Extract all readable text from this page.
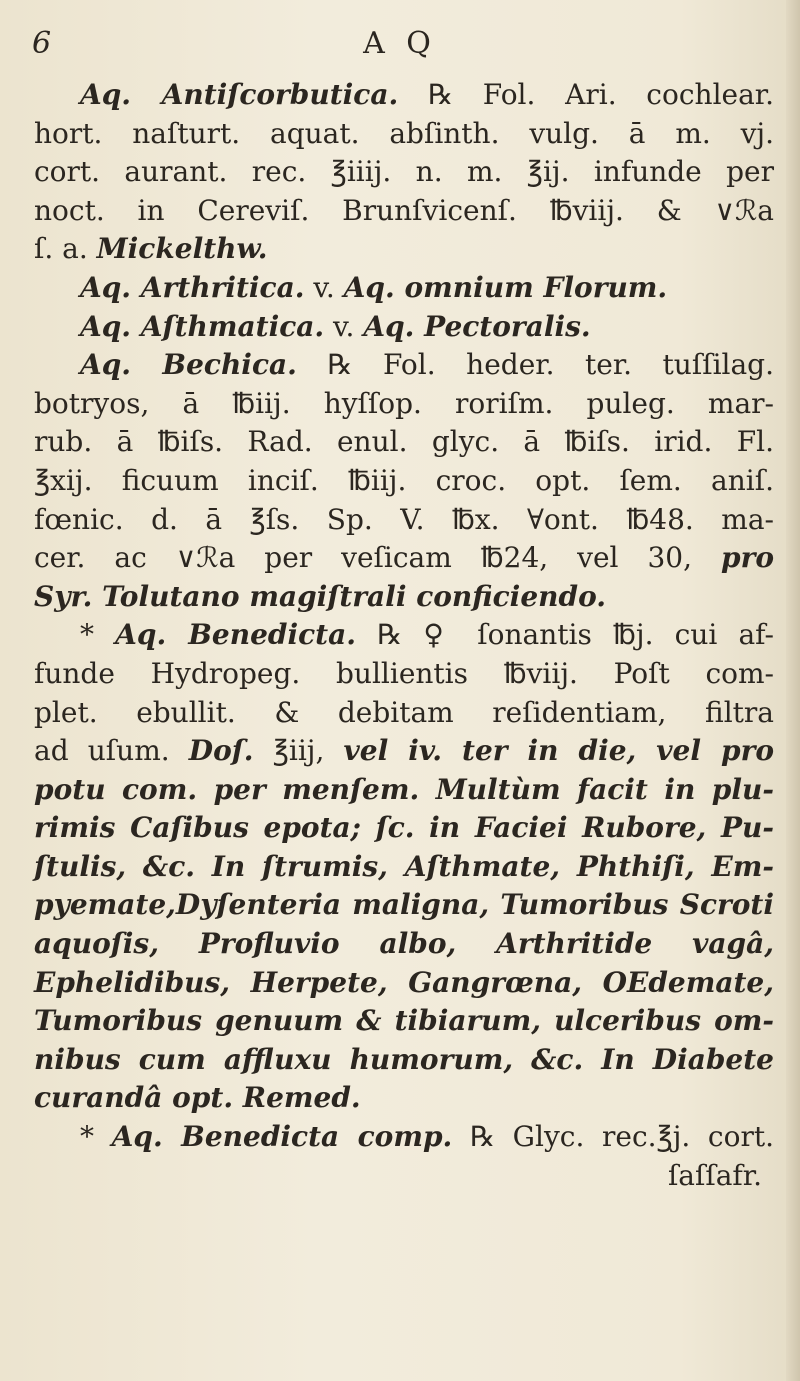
6	A Q
Aq. Antiſcorbutica. ℞ Fol. Ari. cochlear.
hort. naſturt. aquat. abſinth. vulg. ā m. vj.
cort. aurant. rec. ℥iiij. n. m. ℥ij. infunde per
noct. in Cereviſ. Brunſvicenſ. ℔viij. & ∨ℛa
ſ. a. Mickelthw.
Aq. Arthritica. v. Aq. omnium Florum.
Aq. Aſthmatica. v. Aq. Pectoralis.
Aq. Bechica. ℞ Fol. heder. ter. tuſſilag.
botryos, ā ℔iij. hyſſop. roriſm. puleg. mar-
rub. ā ℔iſs. Rad. enul. glyc. ā ℔iſs. irid. Fl.
℥xij. ficuum inciſ. ℔iij. croc. opt. ſem. aniſ.
fœnic. d. ā ℥ſs. Sp. V. ℔x. ∀ont. ℔48. ma-
cer. ac ∨ℛa per veſicam ℔24, vel 30, pro
Syr. Tolutano magiſtrali conficiendo.
* Aq. Benedicta. ℞ ♀ ſonantis ℔j. cui af-
funde Hydropeg. bullientis ℔viij. Poſt com-
plet. ebullit. & debitam reſidentiam, filtra
ad uſum. Doſ. ℥iij, vel iv. ter in die, vel pro
potu com. per menſem. Multùm facit in plu-
rimis Caſibus epota; ſc. in Faciei Rubore, Pu-
ſtulis, &c. In ſtrumis, Aſthmate, Phthiſi, Em-
pyemate,Dyſenteria maligna, Tumoribus Scroti
aquoſis, Profluvio albo, Arthritide vagâ,
Ephelidibus, Herpete, Gangrœna, OEdemate,
Tumoribus genuum & tibiarum, ulceribus om-
nibus cum affluxu humorum, &c. In Diabete
curandâ opt. Remed.
* Aq. Benedicta comp. ℞ Glyc. rec.℥j. cort.
ſaſſafr.
